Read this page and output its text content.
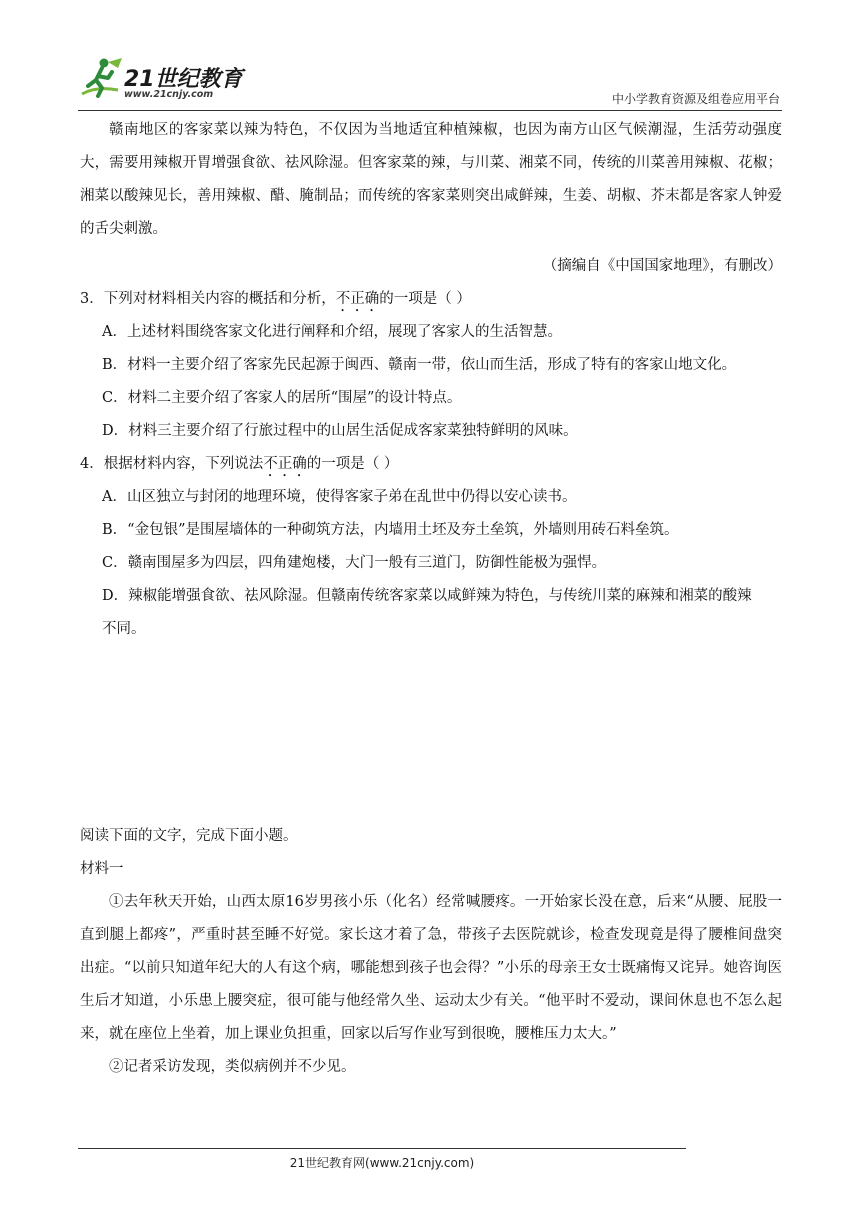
21世纪教育
www.21cnjy.com	中小学教育资源及组卷应用平台

赣南地区的客家菜以辣为特色，不仅因为当地适宜种植辣椒，也因为南方山区气候潮湿，生活劳动强度大，需要用辣椒开胃增强食欲、祛风除湿。但客家菜的辣，与川菜、湘菜不同，传统的川菜善用辣椒、花椒；湘菜以酸辣见长，善用辣椒、醋、腌制品；而传统的客家菜则突出咸鲜辣，生姜、胡椒、芥末都是客家人钟爱的舌尖刺激。

（摘编自《中国国家地理》，有删改）

3．下列对材料相关内容的概括和分析，不正确的一项是（ ）

A．上述材料围绕客家文化进行阐释和介绍，展现了客家人的生活智慧。

B．材料一主要介绍了客家先民起源于闽西、赣南一带，依山而生活，形成了特有的客家山地文化。

C．材料二主要介绍了客家人的居所“围屋”的设计特点。

D．材料三主要介绍了行旅过程中的山居生活促成客家菜独特鲜明的风味。

4．根据材料内容，下列说法不正确的一项是（ ）

A．山区独立与封闭的地理环境，使得客家子弟在乱世中仍得以安心读书。

B．“金包银”是围屋墙体的一种砌筑方法，内墙用土坯及夯土垒筑，外墙则用砖石料垒筑。

C．赣南围屋多为四层，四角建炮楼，大门一般有三道门，防御性能极为强悍。

D．辣椒能增强食欲、祛风除湿。但赣南传统客家菜以咸鲜辣为特色，与传统川菜的麻辣和湘菜的酸辣

不同。

阅读下面的文字，完成下面小题。

材料一

①去年秋天开始，山西太原16岁男孩小乐（化名）经常喊腰疼。一开始家长没在意，后来“从腰、屁股一直到腿上都疼”，严重时甚至睡不好觉。家长这才着了急，带孩子去医院就诊，检查发现竟是得了腰椎间盘突出症。“以前只知道年纪大的人有这个病，哪能想到孩子也会得？”小乐的母亲王女士既痛悔又诧异。她咨询医生后才知道，小乐患上腰突症，很可能与他经常久坐、运动太少有关。“他平时不爱动，课间休息也不怎么起来，就在座位上坐着，加上课业负担重，回家以后写作业写到很晚，腰椎压力太大。”

②记者采访发现，类似病例并不少见。

21世纪教育网(www.21cnjy.com)
